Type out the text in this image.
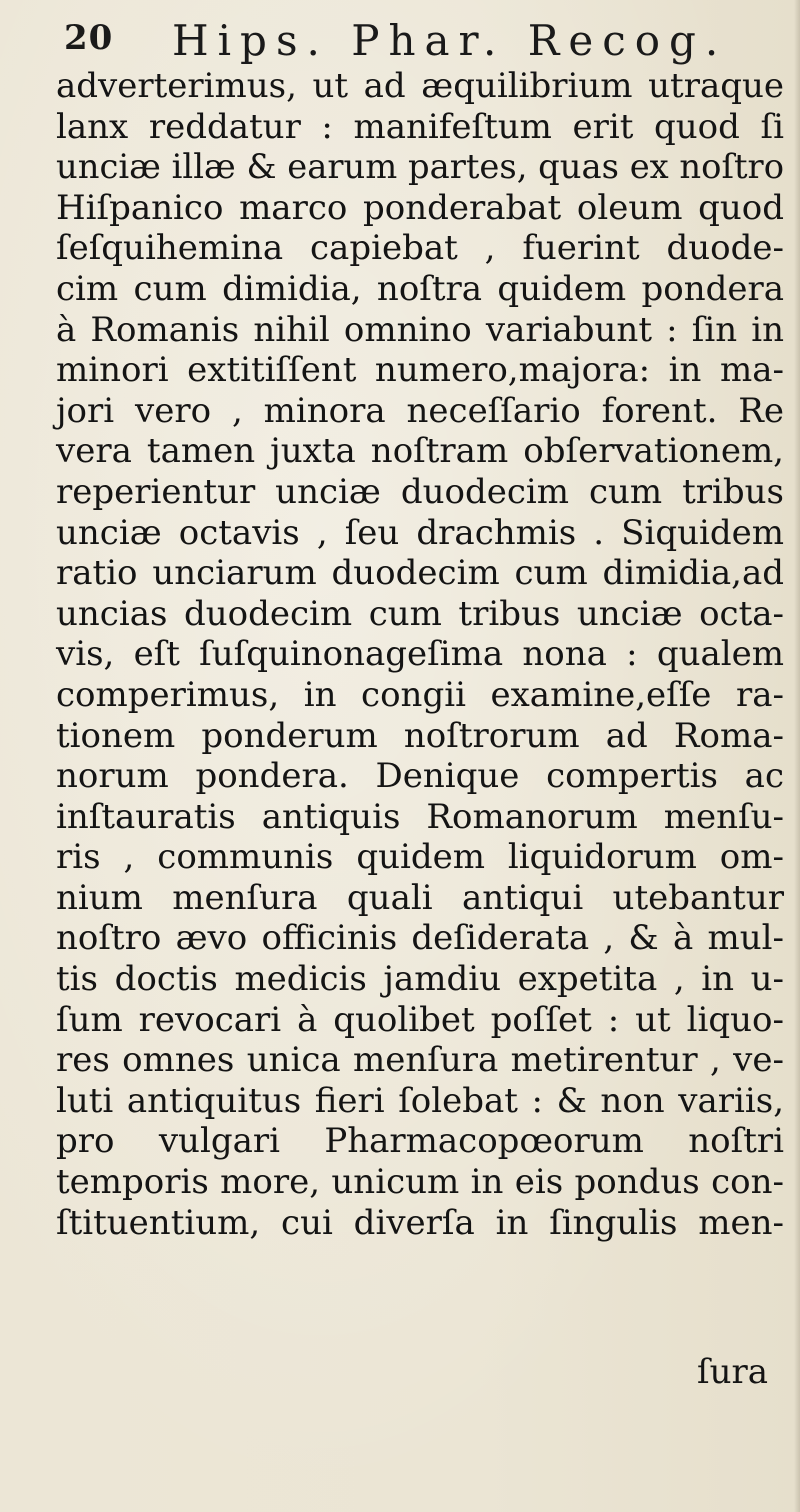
20 Hips. Phar. Recog.
adverterimus, ut ad æquilibrium utraque
lanx reddatur : manifeſtum erit quod ſi
unciæ illæ & earum partes, quas ex noſtro
Hiſpanico marco ponderabat oleum quod
ſeſquihemina capiebat , fuerint duode-
cim cum dimidia, noſtra quidem pondera
à Romanis nihil omnino variabunt : ſin in
minori extitiſſent numero,majora: in ma-
jori vero , minora neceſſario forent. Re
vera tamen juxta noſtram obſervationem,
reperientur unciæ duodecim cum tribus
unciæ octavis , ſeu drachmis . Siquidem
ratio unciarum duodecim cum dimidia,ad
uncias duodecim cum tribus unciæ octa-
vis, eſt ſuſquinonageſima nona : qualem
comperimus, in congii examine,eſſe ra-
tionem ponderum noſtrorum ad Roma-
norum pondera. Denique compertis ac
inſtauratis antiquis Romanorum menſu-
ris , communis quidem liquidorum om-
nium menſura quali antiqui utebantur
noſtro ævo officinis deſiderata , & à mul-
tis doctis medicis jamdiu expetita , in u-
ſum revocari à quolibet poſſet : ut liquo-
res omnes unica menſura metirentur , ve-
luti antiquitus fieri ſolebat : & non variis,
pro vulgari Pharmacopœorum noſtri
temporis more, unicum in eis pondus con-
ſtituentium, cui diverſa in ſingulis men-
ſura
